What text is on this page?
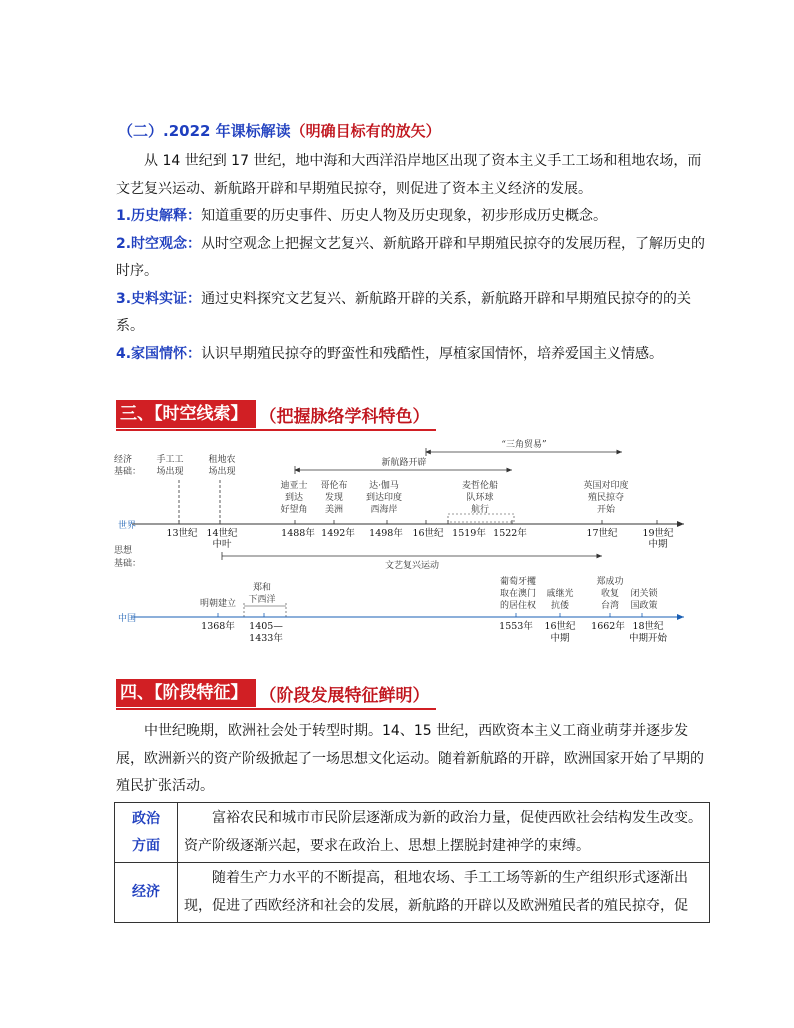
（二）.2022 年课标解读（明确目标有的放矢）
从 14 世纪到 17 世纪，地中海和大西洋沿岸地区出现了资本主义手工工场和租地农场，而文艺复兴运动、新航路开辟和早期殖民掠夺，则促进了资本主义经济的发展。
1.历史解释：知道重要的历史事件、历史人物及历史现象，初步形成历史概念。
2.时空观念：从时空观念上把握文艺复兴、新航路开辟和早期殖民掠夺的发展历程，了解历史的时序。
3.史料实证：通过史料探究文艺复兴、新航路开辟的关系，新航路开辟和早期殖民掠夺的的关系。
4.家国情怀：认识早期殖民掠夺的野蛮性和残酷性，厚植家国情怀，培养爱国主义情感。
三、【时空线索】 （把握脉络学科特色）
经济
基础：
世界
思想
基础：
中国
“三角贸易”
新航路开辟
手工工
场出现
租地农
场出现
迪亚士
到达
好望角
哥伦布
发现
美洲
达·伽马
到达印度
西海岸
麦哲伦船
队环球
航行
英国对印度
殖民掠夺
开始
13世纪 14世纪
中叶
1488年 1492年 1498年 16世纪 1519年 1522年	17世纪	19世纪
中期
文艺复兴运动
明朝建立
郑和
下西洋
葡萄牙攫
取在澳门
的居住权
戚继光
抗倭
郑成功
收复
台湾
闭关锁
国政策
1368年 1405—
1433年
1553年 16世纪
中期
1662年 18世纪
中期开始
四、【阶段特征】 （阶段发展特征鲜明）
中世纪晚期，欧洲社会处于转型时期。14、15 世纪，西欧资本主义工商业萌芽并逐步发展，欧洲新兴的资产阶级掀起了一场思想文化运动。随着新航路的开辟，欧洲国家开始了早期的殖民扩张活动。
政治
方面	富裕农民和城市市民阶层逐渐成为新的政治力量，促使西欧社会结构发生改变。资产阶级逐渐兴起，要求在政治上、思想上摆脱封建神学的束缚。

经济	随着生产力水平的不断提高，租地农场、手工工场等新的生产组织形式逐渐出现，促进了西欧经济和社会的发展，新航路的开辟以及欧洲殖民者的殖民掠夺，促
